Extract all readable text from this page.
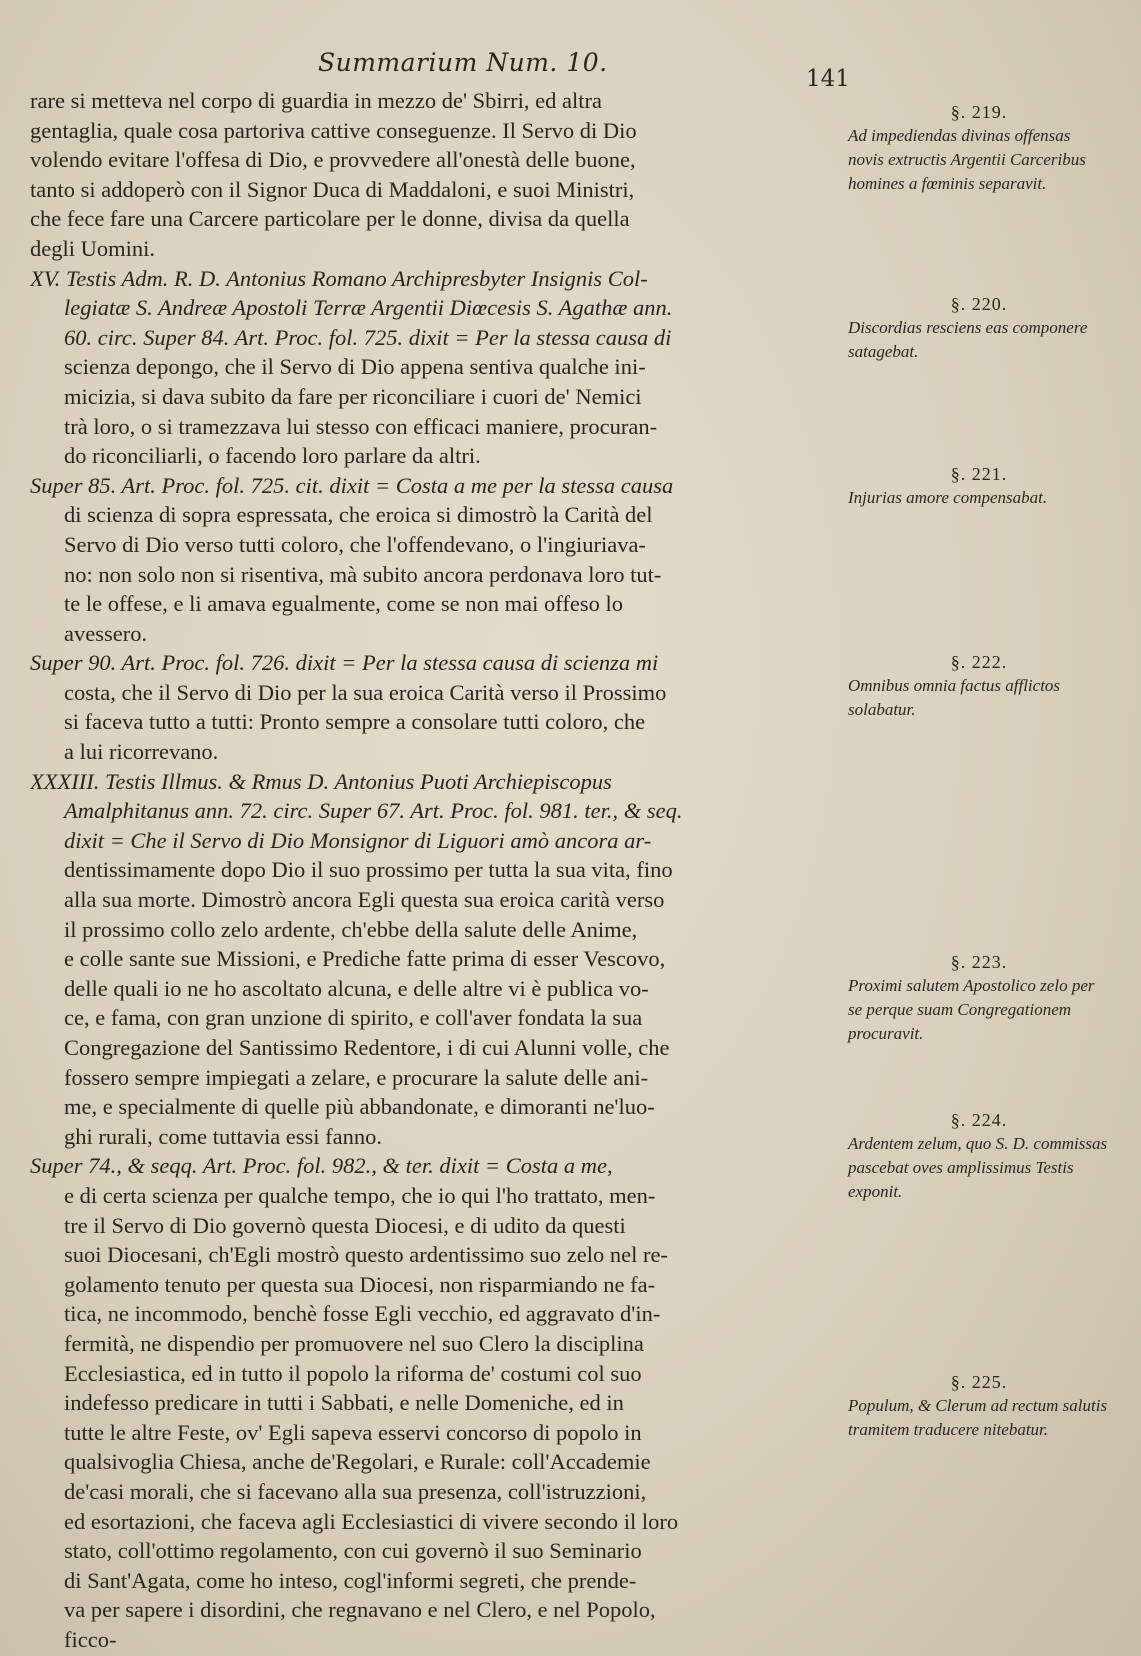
Summarium Num. 10.
141
rare si metteva nel corpo di guardia in mezzo de' Sbirri, ed altra
gentaglia, quale cosa partoriva cattive conseguenze. Il Servo di Dio
volendo evitare l'offesa di Dio, e provvedere all'onestà delle buone,
tanto si addoperò con il Signor Duca di Maddaloni, e suoi Ministri,
che fece fare una Carcere particolare per le donne, divisa da quella
degli Uomini.
XV. Testis Adm. R. D. Antonius Romano Archipresbyter Insignis Col-
legiatæ S. Andreæ Apostoli Terræ Argentii Diœcesis S. Agathæ ann.
60. circ. Super 84. Art. Proc. fol. 725. dixit = Per la stessa causa di
scienza depongo, che il Servo di Dio appena sentiva qualche ini-
micizia, si dava subito da fare per riconciliare i cuori de' Nemici
trà loro, o si tramezzava lui stesso con efficaci maniere, procuran-
do riconciliarli, o facendo loro parlare da altri.
Super 85. Art. Proc. fol. 725. cit. dixit = Costa a me per la stessa causa
di scienza di sopra espressata, che eroica si dimostrò la Carità del
Servo di Dio verso tutti coloro, che l'offendevano, o l'ingiuriava-
no: non solo non si risentiva, mà subito ancora perdonava loro tut-
te le offese, e li amava egualmente, come se non mai offeso lo
avessero.
Super 90. Art. Proc. fol. 726. dixit = Per la stessa causa di scienza mi
costa, che il Servo di Dio per la sua eroica Carità verso il Prossimo
si faceva tutto a tutti: Pronto sempre a consolare tutti coloro, che
a lui ricorrevano.
XXXIII. Testis Illmus. & Rmus D. Antonius Puoti Archiepiscopus
Amalphitanus ann. 72. circ. Super 67. Art. Proc. fol. 981. ter., & seq.
dixit = Che il Servo di Dio Monsignor di Liguori amò ancora ar-
dentissimamente dopo Dio il suo prossimo per tutta la sua vita, fino
alla sua morte. Dimostrò ancora Egli questa sua eroica carità verso
il prossimo collo zelo ardente, ch'ebbe della salute delle Anime,
e colle sante sue Missioni, e Prediche fatte prima di esser Vescovo,
delle quali io ne ho ascoltato alcuna, e delle altre vi è publica vo-
ce, e fama, con gran unzione di spirito, e coll'aver fondata la sua
Congregazione del Santissimo Redentore, i di cui Alunni volle, che
fossero sempre impiegati a zelare, e procurare la salute delle ani-
me, e specialmente di quelle più abbandonate, e dimoranti ne'luo-
ghi rurali, come tuttavia essi fanno.
Super 74., & seqq. Art. Proc. fol. 982., & ter. dixit = Costa a me,
e di certa scienza per qualche tempo, che io qui l'ho trattato, men-
tre il Servo di Dio governò questa Diocesi, e di udito da questi
suoi Diocesani, ch'Egli mostrò questo ardentissimo suo zelo nel re-
golamento tenuto per questa sua Diocesi, non risparmiando ne fa-
tica, ne incommodo, benchè fosse Egli vecchio, ed aggravato d'in-
fermità, ne dispendio per promuovere nel suo Clero la disciplina
Ecclesiastica, ed in tutto il popolo la riforma de' costumi col suo
indefesso predicare in tutti i Sabbati, e nelle Domeniche, ed in
tutte le altre Feste, ov' Egli sapeva esservi concorso di popolo in
qualsivoglia Chiesa, anche de'Regolari, e Rurale: coll'Accademie
de'casi morali, che si facevano alla sua presenza, coll'istruzzioni,
ed esortazioni, che faceva agli Ecclesiastici di vivere secondo il loro
stato, coll'ottimo regolamento, con cui governò il suo Seminario
di Sant'Agata, come ho inteso, cogl'informi segreti, che prende-
va per sapere i disordini, che regnavano e nel Clero, e nel Popolo,
ficco-
§. 219.
Ad impediendas divinas offensas novis extructis Argentii Carceribus homines a fœminis separavit.
§. 220.
Discordias resciens eas componere satagebat.
§. 221.
Injurias amore compensabat.
§. 222.
Omnibus omnia factus afflictos solabatur.
§. 223.
Proximi salutem Apostolico zelo per se perque suam Congregationem procuravit.
§. 224.
Ardentem zelum, quo S. D. commissas pascebat oves amplissimus Testis exponit.
§. 225.
Populum, & Clerum ad rectum salutis tramitem traducere nitebatur.
